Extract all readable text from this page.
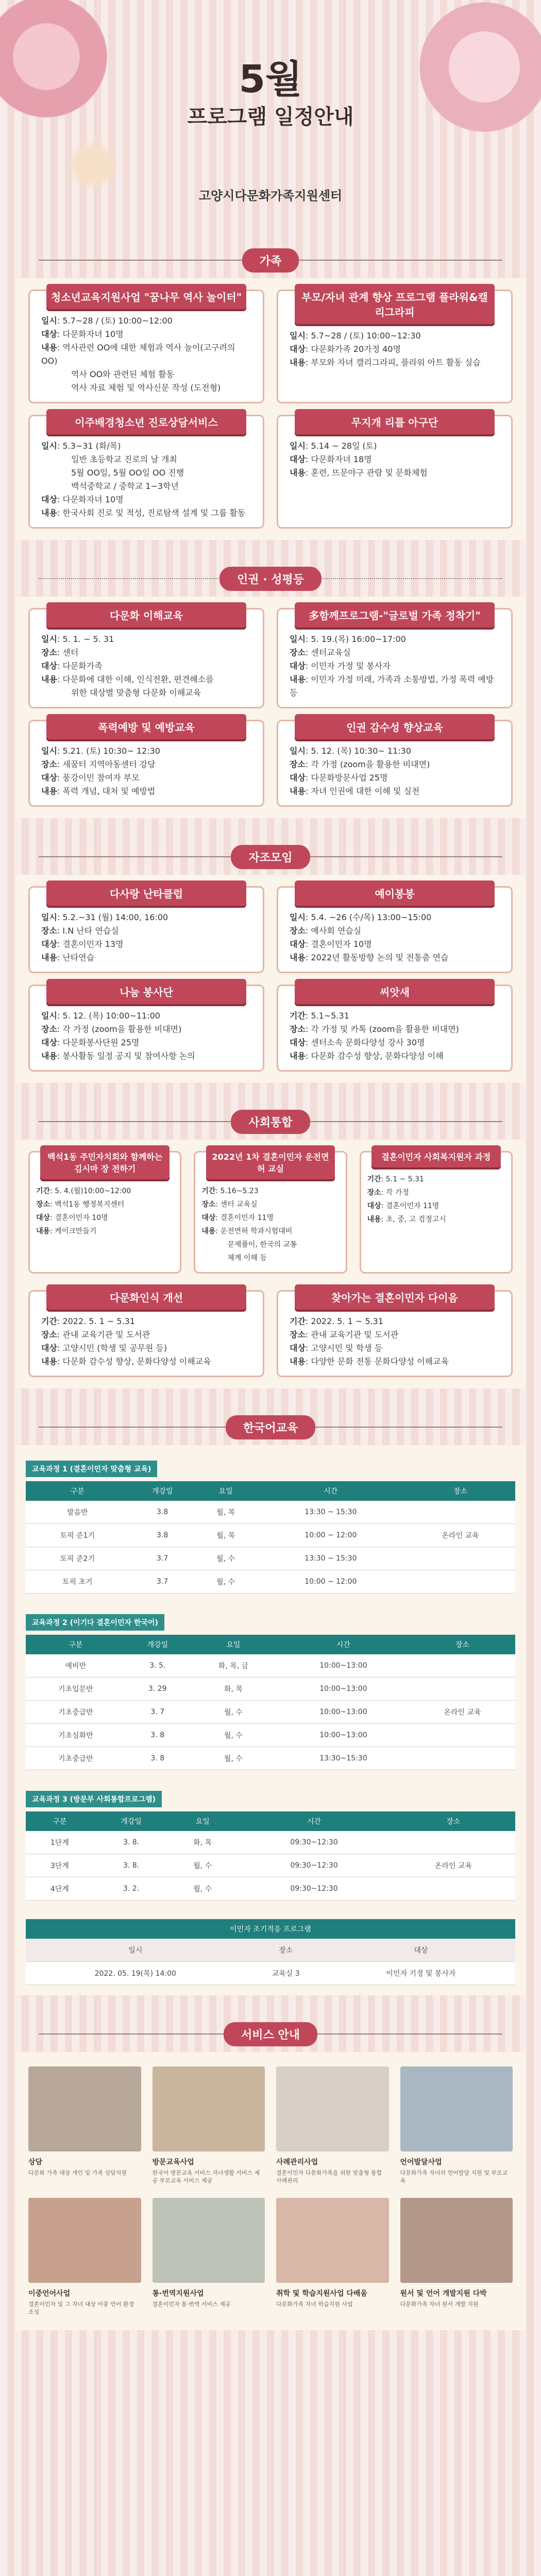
5월
프로그램 일정안내
고양시다문화가족지원센터
가족
청소년교육지원사업 "꿈나무 역사 놀이터"
일시: 5.7~28 / (토) 10:00~12:00
대상: 다문화자녀 10명
내용: 역사관련 OO에 대한 체험과 역사 놀이(고구려의 OO)
역사 OO와 관련된 체험 활동
역사 자료 체험 및 역사신문 작성 (도전형)
부모/자녀 관계 향상 프로그램 플라워&캘리그라피
일시: 5.7~28 / (토) 10:00~12:30
대상: 다문화가족 20가정 40명
내용: 부모와 자녀 캘리그라피, 플라워 아트 활동 실습
이주배경청소년 진로상담서비스
일시: 5.3~31 (화/목)
일반 초등학교 진로의 날 개최
5월 OO일, 5월 OO일 OO 진행
백석중학교 / 중학교 1~3학년
대상: 다문화자녀 10명
내용: 한국사회 진로 및 적성, 진로탐색 설계 및 그룹 활동
무지개 리틀 아구단
일시: 5.14 ~ 28일 (토)
대상: 다문화자녀 18명
내용: 훈련, 뜨문야구 관람 및 문화체험
인권 · 성평등
다문화 이해교육
일시: 5. 1. ~ 5. 31
장소: 센터
대상: 다문화가족
내용: 다문화에 대한 이해, 인식전환, 편견해소를
위한 대상별 맞춤형 다문화 이해교육
多함께프로그램-"글로벌 가족 정착기"
일시: 5. 19.(목) 16:00~17:00
장소: 센터교육실
대상: 이민자 가정 및 봉사자
내용: 이민자 가정 미래, 가족과 소통방법, 가정 폭력 예방 등
폭력예방 및 예방교육
일시: 5.21. (토) 10:30~ 12:30
장소: 새꿈터 지역아동센터 강당
대상: 풍강이민 참여자 부모
내용: 폭력 개념, 대처 및 예방법
인권 감수성 향상교육
일시: 5. 12. (목) 10:30~ 11:30
장소: 각 가정 (zoom을 활용한 비대면)
대상: 다문화방문사업 25명
내용: 자녀 인권에 대한 이해 및 실천
자조모임
다사랑 난타클럽
일시: 5.2.~31 (월) 14:00, 16:00
장소: I.N 난타 연습실
대상: 결혼이민자 13명
내용: 난타연습
예이봉봉
일시: 5.4. ~26 (수/목) 13:00~15:00
장소: 예사회 연습실
대상: 결혼이민자 10명
내용: 2022년 활동방향 논의 및 전통춤 연습
나눔 봉사단
일시: 5. 12. (목) 10:00~11:00
장소: 각 가정 (zoom을 활용한 비대면)
대상: 다문화봉사단원 25명
내용: 봉사활동 일정 공지 및 참여사항 논의
씨앗새
기간: 5.1~5.31
장소: 각 가정 및 카톡 (zoom을 활용한 비대면)
대상: 센터소속 문화다양성 강사 30명
내용: 다문화 감수성 향상, 문화다양성 이해
사회통합
백석1동 주민자치회와 함께하는 김시마 장 전하기
기간: 5. 4.(월)10:00~12:00
장소: 백석1동 행정복지센터
대상: 결혼이민자 10명
내용: 케이크만들기
2022년 1차 결혼이민자 운전면허 교실
기간: 5.16~5.23
장소: 센터 교육실
대상: 결혼이민자 11명
내용: 운전면허 학과시험대비
문제풀이, 한국의 교통
체계 이해 등
결혼이민자 사회복지원자 과정
기간: 5.1 ~ 5.31
장소: 각 가정
대상: 결혼이민자 11명
내용: 초, 중, 고 검정고시
다문화인식 개선
기간: 2022. 5. 1 ~ 5.31
장소: 관내 교육기관 및 도서관
대상: 고양시민 (학생 및 공무원 등)
내용: 다문화 감수성 향상, 문화다양성 이해교육
찾아가는 결혼이민자 다이음
기간: 2022. 5. 1 ~ 5.31
장소: 관내 교육기관 및 도서관
대상: 고양시민 및 학생 등
내용: 다양한 문화 전통 문화다양성 이해교육
한국어교육
교육과정 1 (결혼이민자 맞춤형 교육)
구분	개강일	요일	시간	장소
발음반	3.8	월, 목	13:30 ~ 15:30	
토픽 준1기	3.8	월, 목	10:00 ~ 12:00	온라인 교육
토픽 준2기	3.7	월, 수	13:30 ~ 15:30	
토픽 초기	3.7	월, 수	10:00 ~ 12:00	
교육과정 2 (이기다 결혼이민자 한국어)
구분	개강일	요일	시간	장소
예비반	3. 5.	화, 목, 금	10:00~13:00	
기초입문반	3. 29	화, 목	10:00~13:00	
기초중급반	3. 7	월, 수	10:00~13:00	온라인 교육
기초심화반	3. 8	월, 수	10:00~13:00	
기초중급반	3. 8	월, 수	13:30~15:30	
교육과정 3 (방문부 사회통합프로그램)
구분	개강일	요일	시간	장소
1단계	3. 8.	화, 목	09:30~12:30	
3단계	3. 8.	월, 수	09:30~12:30	온라인 교육
4단계	3. 2.	월, 수	09:30~12:30	
이민자 조기적응 프로그램		
일시	장소	대상
2022. 05. 19(목) 14:00	교육실 3	이민자 기정 및 봉사자
서비스 안내
상담
다문화 가족 대상 개인 및 가족 상담지원
방문교육사업
한국어 방문교육 서비스 자녀생활 서비스 제공 부모교육 서비스 제공
사례관리사업
결혼이민자 다문화가족을 위한 맞춤형 통합 사례관리
언어발달사업
다문화가족 자녀의 언어발달 지원 및 부모교육
이중언어사업
결혼이민자 및 그 자녀 대상 이중 언어 환경 조성
통·번역지원사업
결혼이민자 통·번역 서비스 제공
취학 및 학습지원사업 다배움
다문화가족 자녀 학습지원 사업
원서 및 언어 개발지원 다박
다문화가족 자녀 원서 개발 지원
